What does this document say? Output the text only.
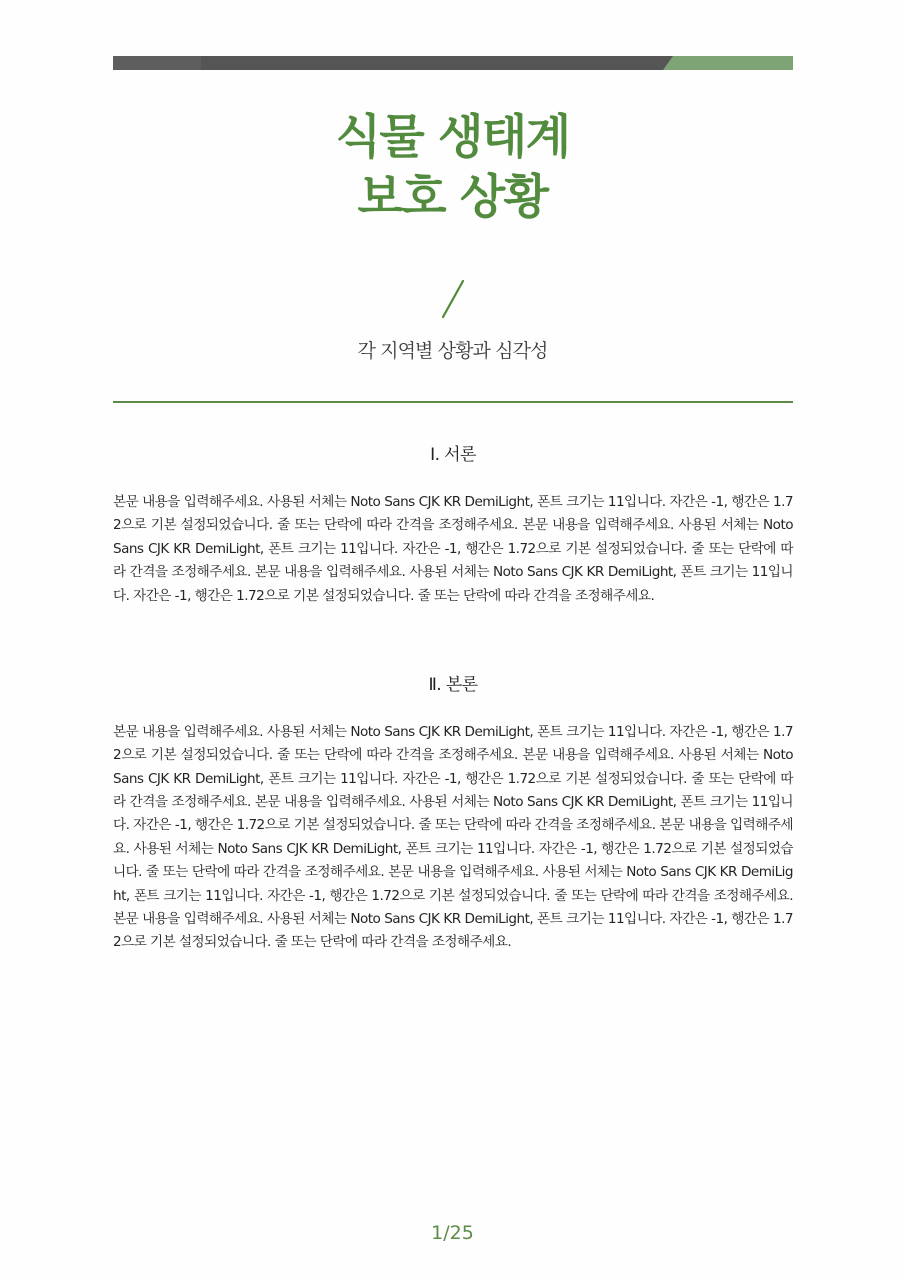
식물 생태계
보호 상황
각 지역별 상황과 심각성
Ⅰ. 서론

본문 내용을 입력해주세요. 사용된 서체는 Noto Sans CJK KR DemiLight, 폰트 크기는 11입니다. 자간은 -1, 행간은 1.72으로 기본 설정되었습니다. 줄 또는 단락에 따라 간격을 조정해주세요. 본문 내용을 입력해주세요. 사용된 서체는 Noto Sans CJK KR DemiLight, 폰트 크기는 11입니다. 자간은 -1, 행간은 1.72으로 기본 설정되었습니다. 줄 또는 단락에 따라 간격을 조정해주세요. 본문 내용을 입력해주세요. 사용된 서체는 Noto Sans CJK KR DemiLight, 폰트 크기는 11입니다. 자간은 -1, 행간은 1.72으로 기본 설정되었습니다. 줄 또는 단락에 따라 간격을 조정해주세요.

Ⅱ. 본론

본문 내용을 입력해주세요. 사용된 서체는 Noto Sans CJK KR DemiLight, 폰트 크기는 11입니다. 자간은 -1, 행간은 1.72으로 기본 설정되었습니다. 줄 또는 단락에 따라 간격을 조정해주세요. 본문 내용을 입력해주세요. 사용된 서체는 Noto Sans CJK KR DemiLight, 폰트 크기는 11입니다. 자간은 -1, 행간은 1.72으로 기본 설정되었습니다. 줄 또는 단락에 따라 간격을 조정해주세요. 본문 내용을 입력해주세요. 사용된 서체는 Noto Sans CJK KR DemiLight, 폰트 크기는 11입니다. 자간은 -1, 행간은 1.72으로 기본 설정되었습니다. 줄 또는 단락에 따라 간격을 조정해주세요. 본문 내용을 입력해주세요. 사용된 서체는 Noto Sans CJK KR DemiLight, 폰트 크기는 11입니다. 자간은 -1, 행간은 1.72으로 기본 설정되었습니다. 줄 또는 단락에 따라 간격을 조정해주세요. 본문 내용을 입력해주세요. 사용된 서체는 Noto Sans CJK KR DemiLight, 폰트 크기는 11입니다. 자간은 -1, 행간은 1.72으로 기본 설정되었습니다. 줄 또는 단락에 따라 간격을 조정해주세요. 본문 내용을 입력해주세요. 사용된 서체는 Noto Sans CJK KR DemiLight, 폰트 크기는 11입니다. 자간은 -1, 행간은 1.72으로 기본 설정되었습니다. 줄 또는 단락에 따라 간격을 조정해주세요.

1/25
